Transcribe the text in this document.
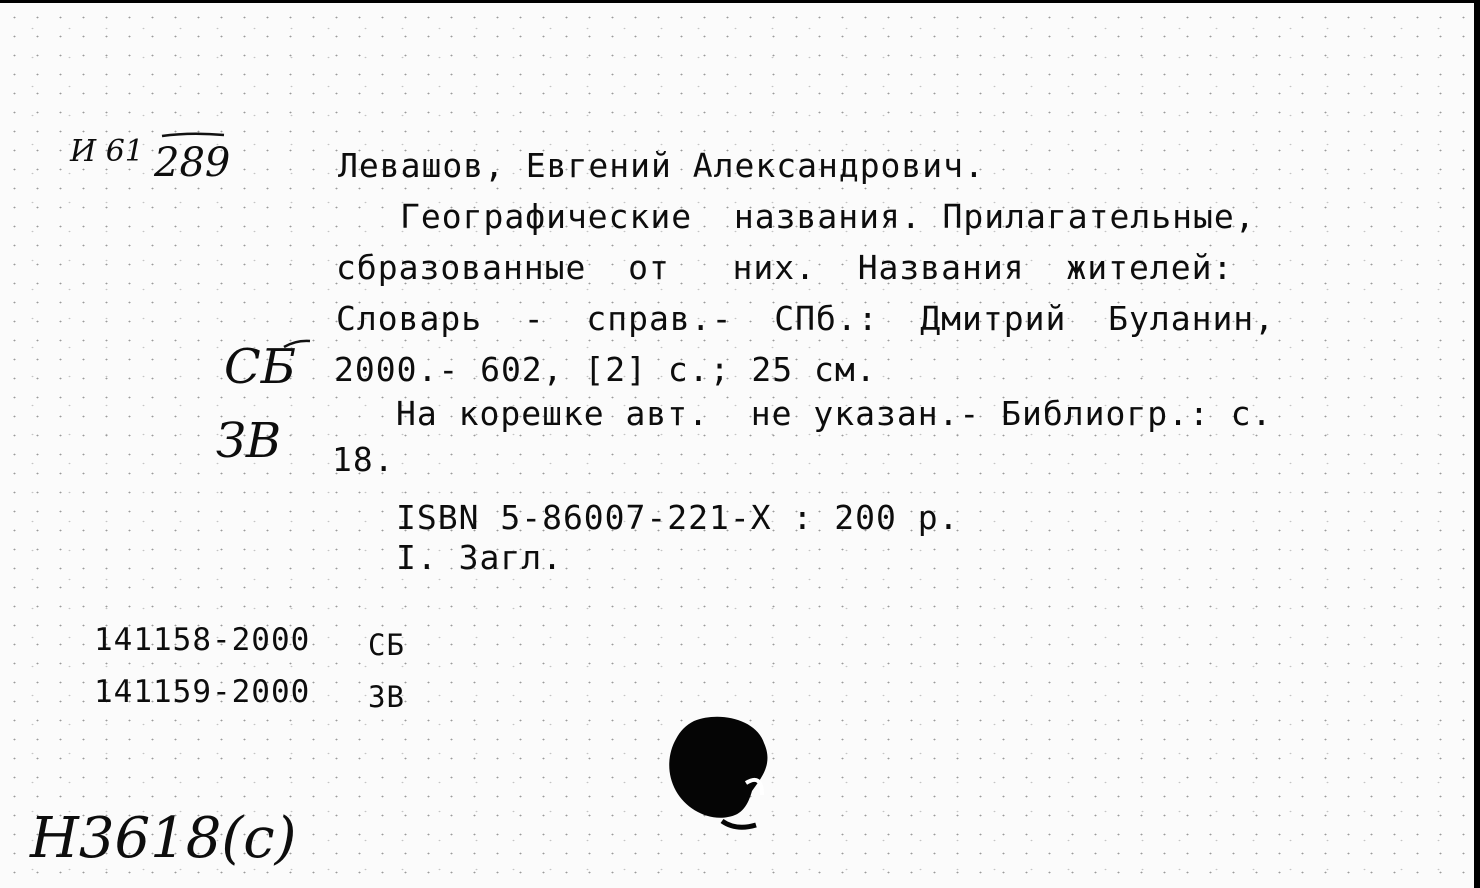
И 61 289	Левашов, Евгений Александрович.
Географические  названия. Прилагательные,
сбразованные  от   них.  Названия  жителей:
Словарь  -  справ.-  СПб.:  Дмитрий  Буланин,
2000.- 602, [2] с.; 25 см.
На корешке авт.  не указан.- Библиогр.: с.
18.
ISBN 5-86007-221-X : 200 р.
I. Загл.
СБ
ЗВ
141158-2000 СБ
141159-2000 ЗВ
Н3618(с)
